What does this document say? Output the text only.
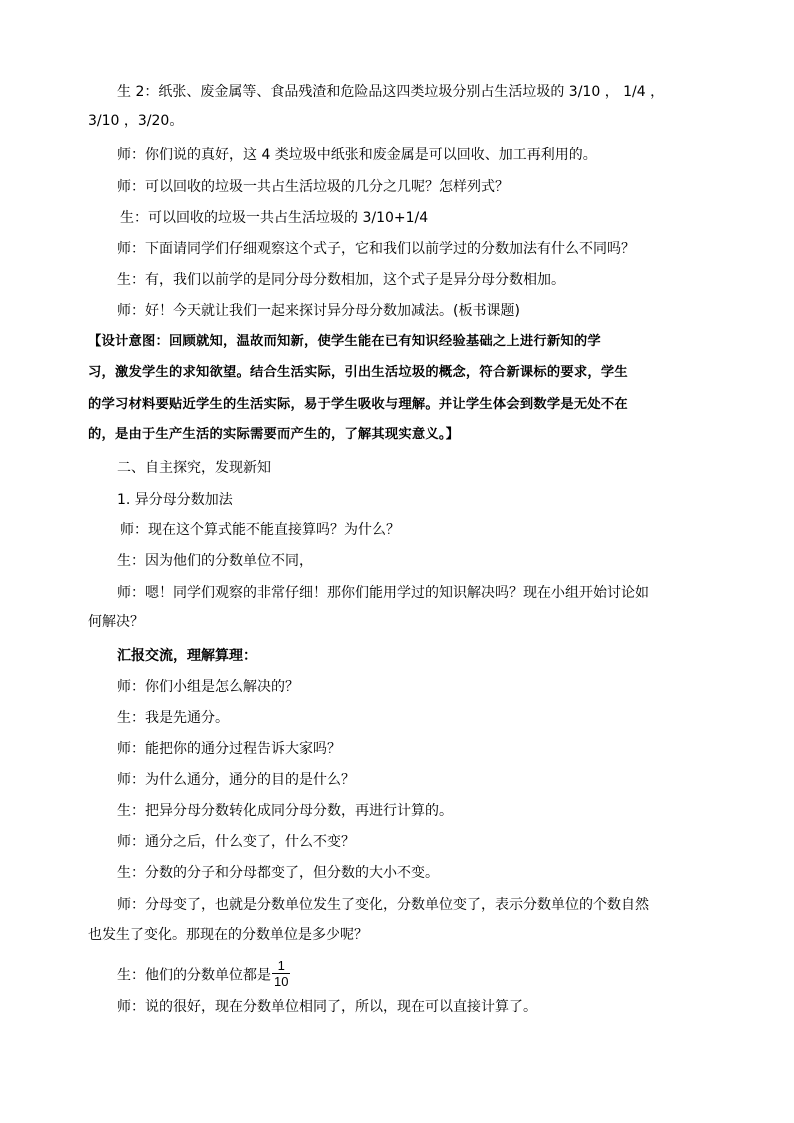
生 2：纸张、废金属等、食品残渣和危险品这四类垃圾分别占生活垃圾的 3/10 ， 1/4 ，
3/10 ，3/20。
师：你们说的真好，这 4 类垃圾中纸张和废金属是可以回收、加工再利用的。
师：可以回收的垃圾一共占生活垃圾的几分之几呢？怎样列式？
生：可以回收的垃圾一共占生活垃圾的 3/10+1/4
师：下面请同学们仔细观察这个式子，它和我们以前学过的分数加法有什么不同吗？
生：有，我们以前学的是同分母分数相加，这个式子是异分母分数相加。
师：好！今天就让我们一起来探讨异分母分数加减法。(板书课题)
【设计意图：回顾就知，温故而知新，使学生能在已有知识经验基础之上进行新知的学
习，激发学生的求知欲望。结合生活实际，引出生活垃圾的概念，符合新课标的要求，学生
的学习材料要贴近学生的生活实际，易于学生吸收与理解。并让学生体会到数学是无处不在
的，是由于生产生活的实际需要而产生的，了解其现实意义。】
二、自主探究，发现新知
1. 异分母分数加法
师：现在这个算式能不能直接算吗？为什么？
生：因为他们的分数单位不同，
师：嗯！同学们观察的非常仔细！那你们能用学过的知识解决吗？现在小组开始讨论如
何解决？
汇报交流，理解算理：
师：你们小组是怎么解决的？
生：我是先通分。
师：能把你的通分过程告诉大家吗？
师：为什么通分，通分的目的是什么？
生：把异分母分数转化成同分母分数，再进行计算的。
师：通分之后，什么变了，什么不变？
生：分数的分子和分母都变了，但分数的大小不变。
师：分母变了，也就是分数单位发生了变化，分数单位变了，表示分数单位的个数自然
也发生了变化。那现在的分数单位是多少呢？
生：他们的分数单位都是 $\frac{1}{10}$
师：说的很好，现在分数单位相同了，所以，现在可以直接计算了。
